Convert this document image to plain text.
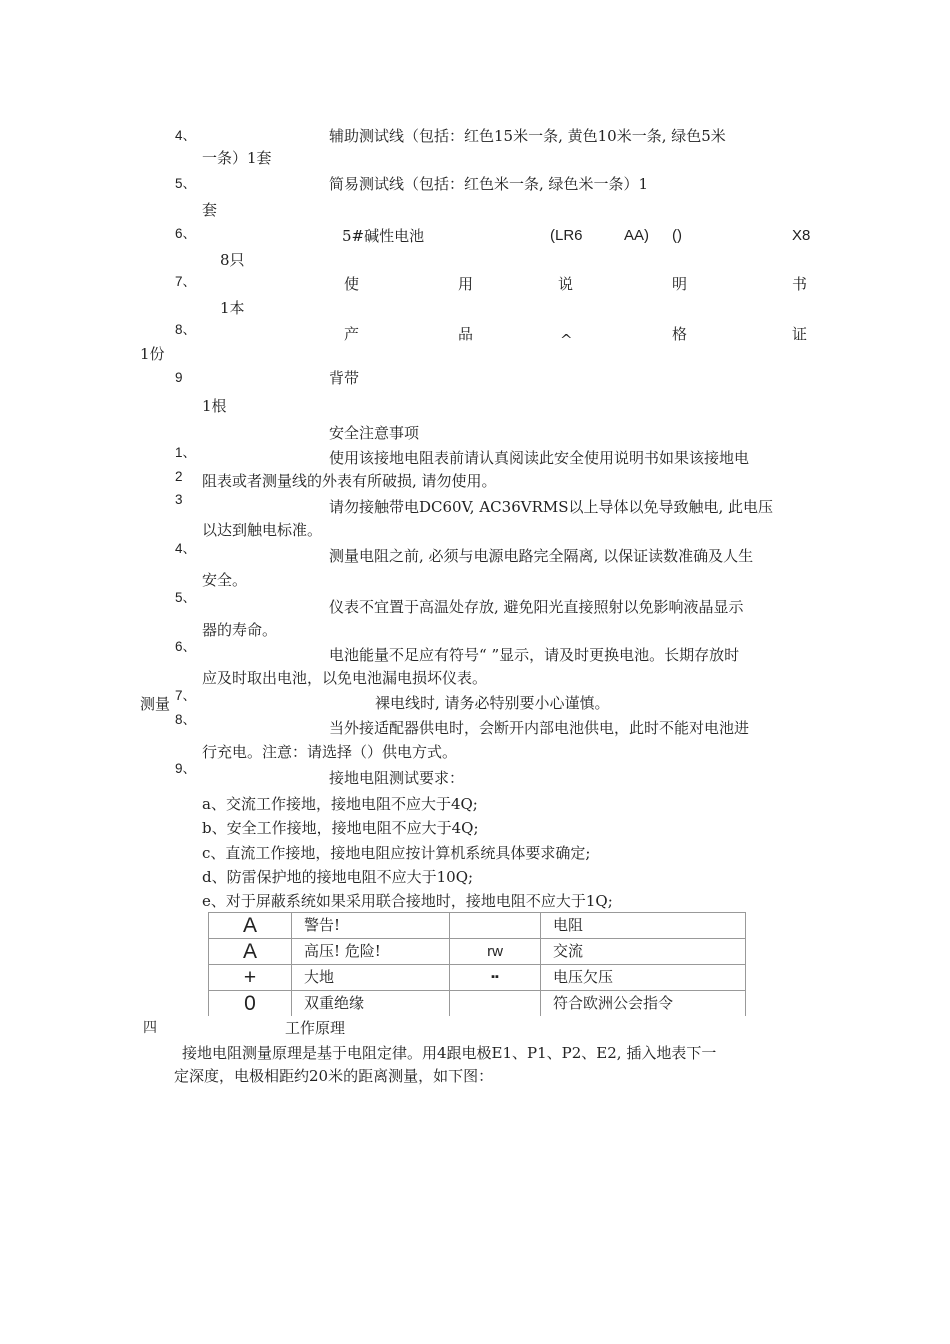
4、	辅助测试线（包括：红色15米一条, 黄色10米一条, 绿色5米
一条）1套
5、	简易测试线（包括：红色米一条, 绿色米一条）1
套
6、	5#碱性电池	(LR6	AA) ()	X8
8只
7、	使	用	说	明	书
1本
8、	产	品	^	格	证
1份
9	背带
1根
安全注意事项
1、
2
3
4、
5、
6、
7、
8、
9、
测量
使用该接地电阻表前请认真阅读此安全使用说明书如果该接地电
阻表或者测量线的外表有所破损, 请勿使用。
请勿接触带电DC60V, AC36VRMS以上导体以免导致触电, 此电压
以达到触电标准。
测量电阻之前, 必须与电源电路完全隔离, 以保证读数准确及人生
安全。
仪表不宜置于高温处存放, 避免阳光直接照射以免影响液晶显示
器的寿命。
电池能量不足应有符号“ ”显示，请及时更换电池。长期存放时
应及时取出电池，以免电池漏电损坏仪表。
裸电线时, 请务必特别要小心谨慎。
当外接适配器供电时，会断开内部电池供电，此时不能对电池进
行充电。注意：请选择（）供电方式。
接地电阻测试要求：
a、交流工作接地，接地电阻不应大于4Q;
b、安全工作接地，接地电阻不应大于4Q;
c、直流工作接地，接地电阻应按计算机系统具体要求确定;
d、防雷保护地的接地电阻不应大于10Q;
e、对于屏蔽系统如果采用联合接地时，接地电阻不应大于1Q;
A	警告!		电阻
A	高压! 危险!	rw	交流
+	大地	▪▪	电压欠压
0	双重绝缘		符合欧洲公会指令
四	工作原理
接地电阻测量原理是基于电阻定律。用4跟电极E1、P1、P2、E2, 插入地表下一
定深度，电极相距约20米的距离测量，如下图：
